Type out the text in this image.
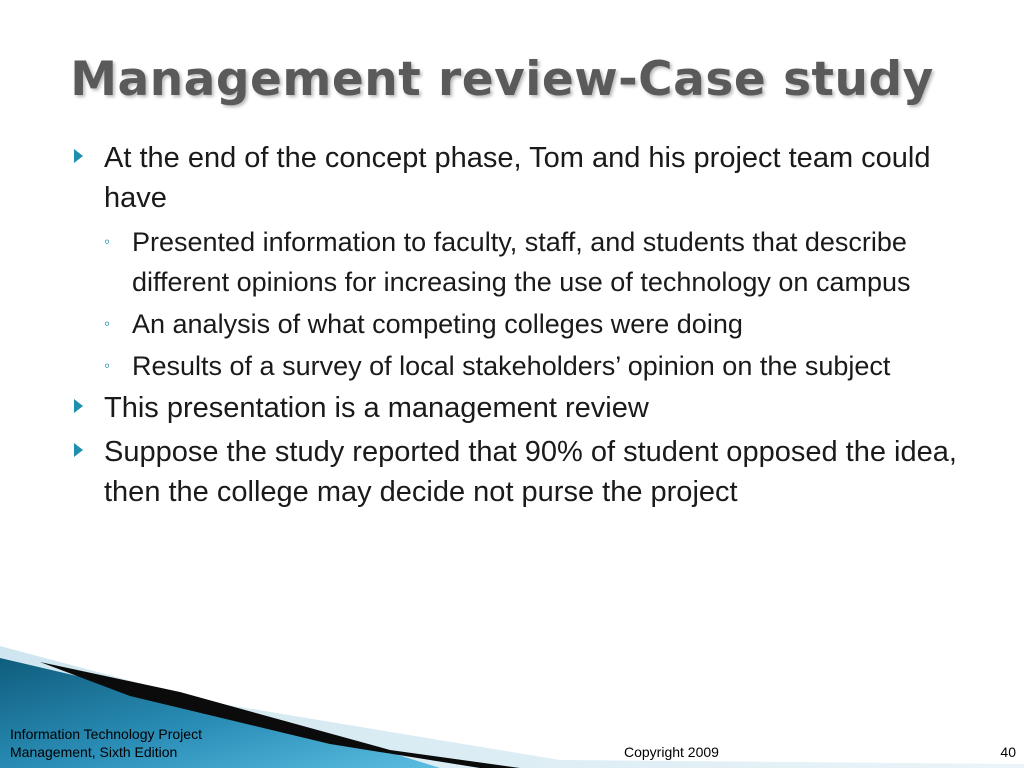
Management review-Case study
At the end of the concept phase, Tom and his project team could have
◦ Presented information to faculty, staff, and students that describe different opinions for increasing the use of technology on campus
◦ An analysis of what competing colleges were doing
◦ Results of a survey of local stakeholders’ opinion on the subject
This presentation is a management review
Suppose the study reported that 90% of student opposed the idea, then the college may decide not purse the project
Information Technology Project
Management, Sixth Edition	Copyright 2009	40
